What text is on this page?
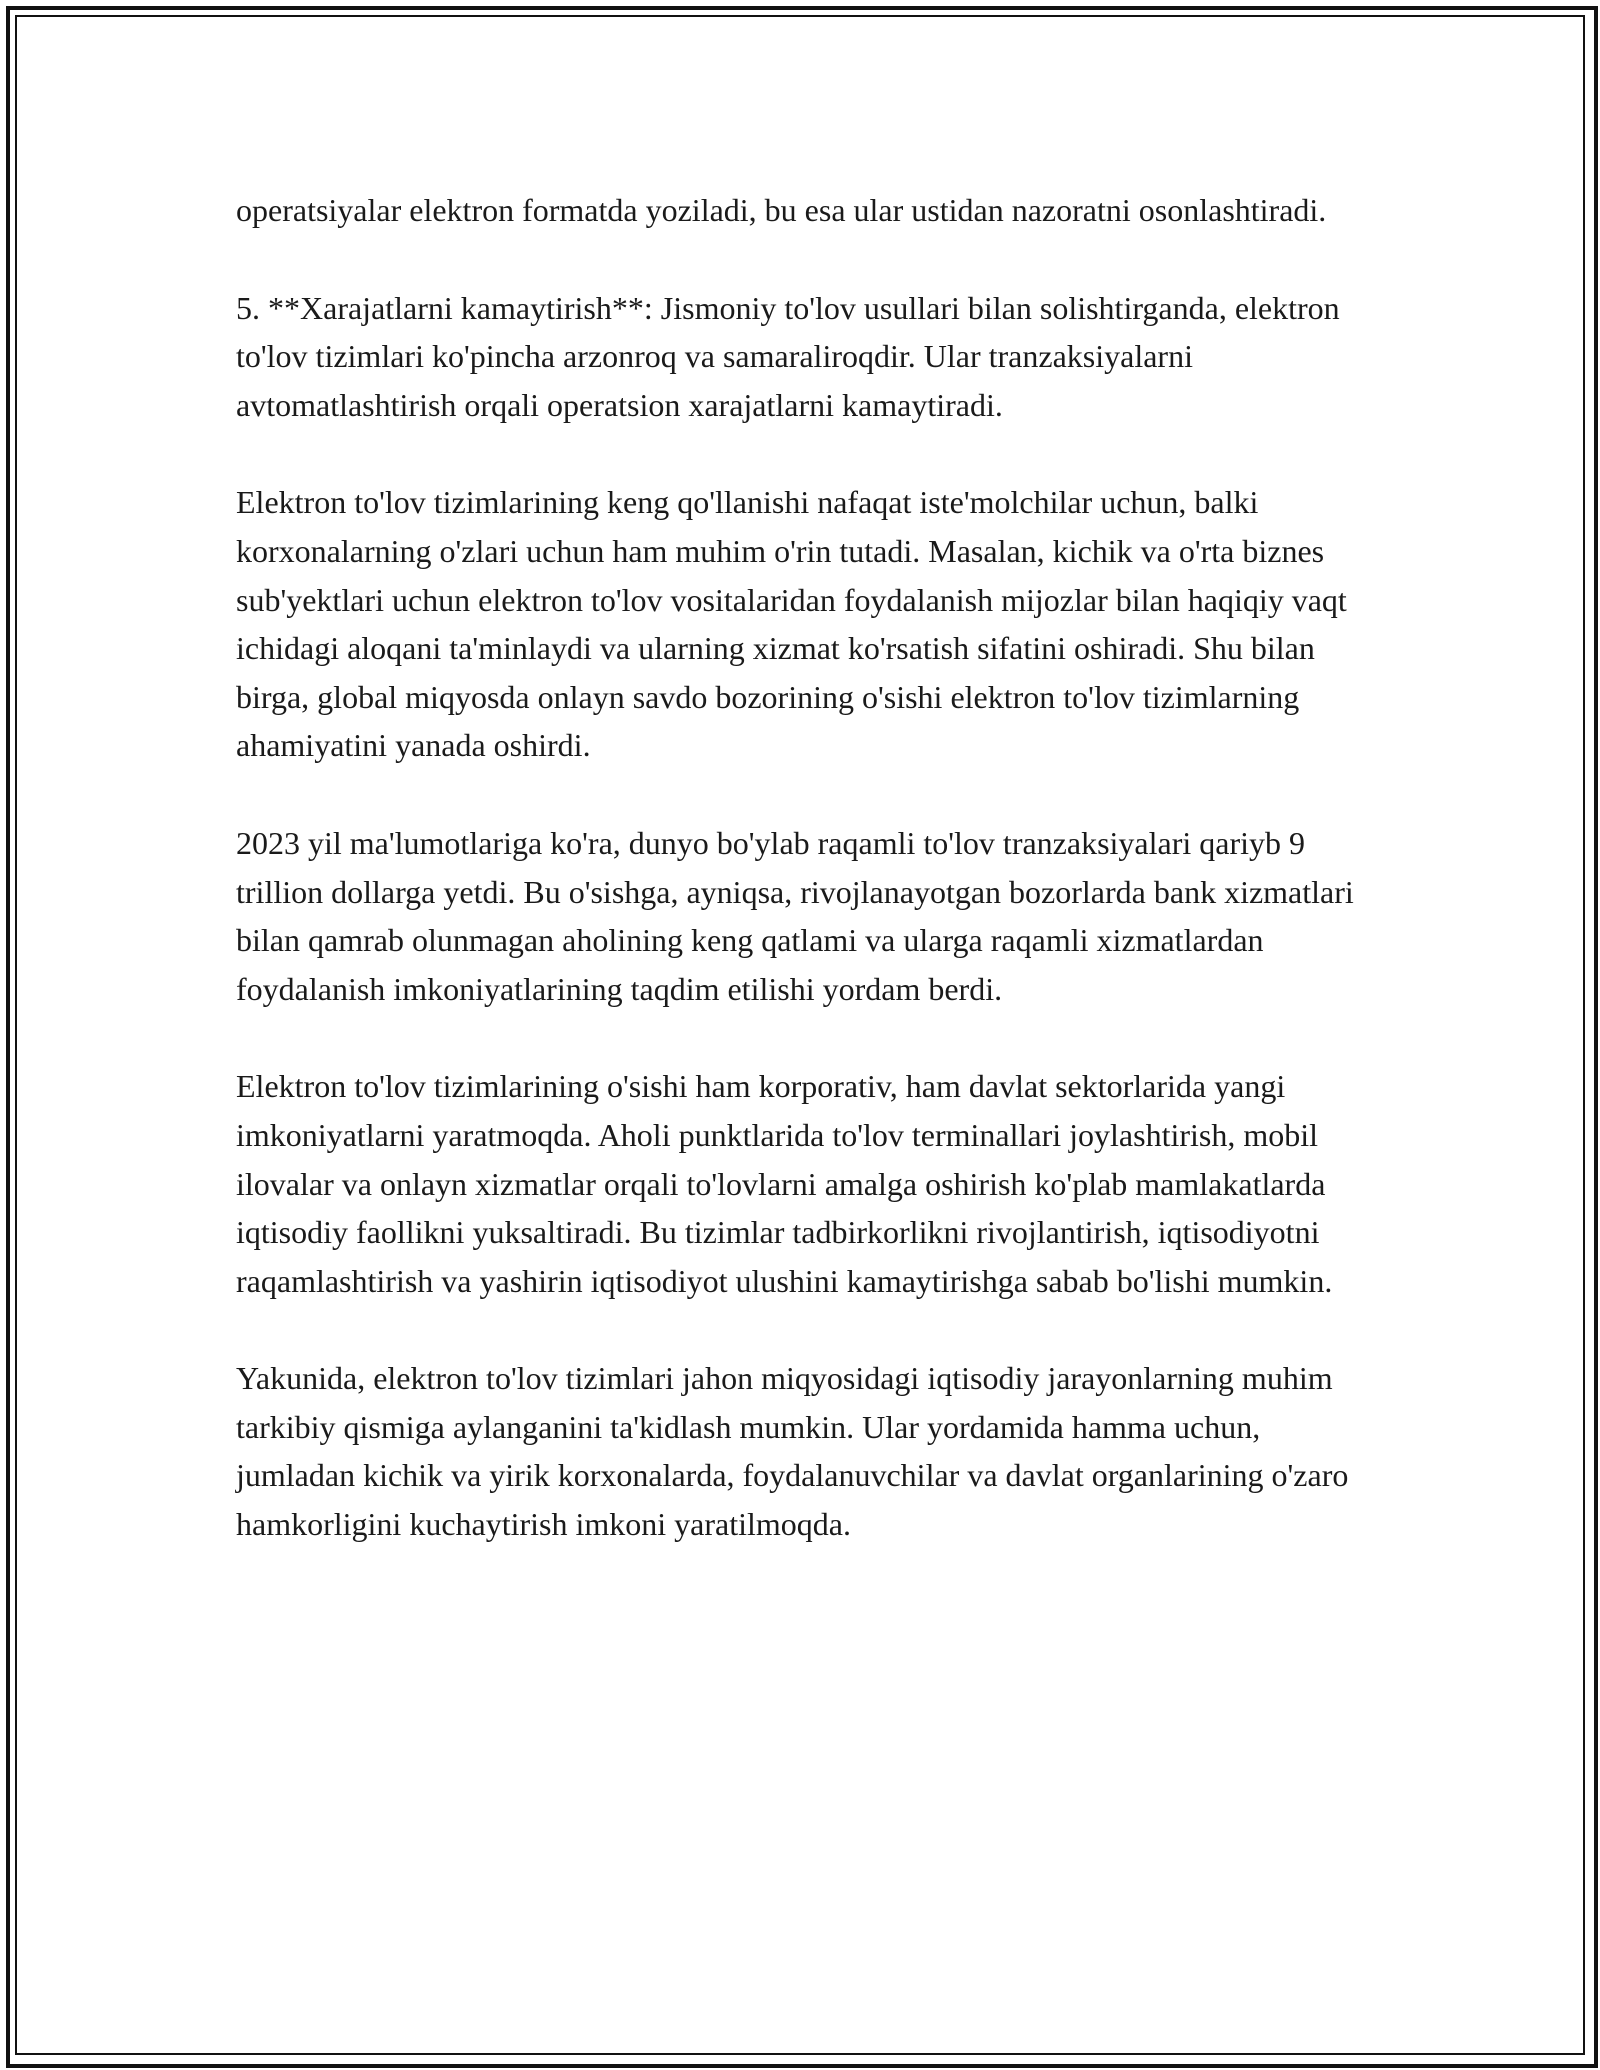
operatsiyalar elektron formatda yoziladi, bu esa ular ustidan nazoratni osonlashtiradi.

5. **Xarajatlarni kamaytirish**: Jismoniy to'lov usullari bilan solishtirganda, elektron to'lov tizimlari ko'pincha arzonroq va samaraliroqdir. Ular tranzaksiyalarni avtomatlashtirish orqali operatsion xarajatlarni kamaytiradi.

Elektron to'lov tizimlarining keng qo'llanishi nafaqat iste'molchilar uchun, balki korxonalarning o'zlari uchun ham muhim o'rin tutadi. Masalan, kichik va o'rta biznes sub'yektlari uchun elektron to'lov vositalaridan foydalanish mijozlar bilan haqiqiy vaqt ichidagi aloqani ta'minlaydi va ularning xizmat ko'rsatish sifatini oshiradi. Shu bilan birga, global miqyosda onlayn savdo bozorining o'sishi elektron to'lov tizimlarning ahamiyatini yanada oshirdi.

2023 yil ma'lumotlariga ko'ra, dunyo bo'ylab raqamli to'lov tranzaksiyalari qariyb 9 trillion dollarga yetdi. Bu o'sishga, ayniqsa, rivojlanayotgan bozorlarda bank xizmatlari bilan qamrab olunmagan aholining keng qatlami va ularga raqamli xizmatlardan foydalanish imkoniyatlarining taqdim etilishi yordam berdi.

Elektron to'lov tizimlarining o'sishi ham korporativ, ham davlat sektorlarida yangi imkoniyatlarni yaratmoqda. Aholi punktlarida to'lov terminallari joylashtirish, mobil ilovalar va onlayn xizmatlar orqali to'lovlarni amalga oshirish ko'plab mamlakatlarda iqtisodiy faollikni yuksaltiradi. Bu tizimlar tadbirkorlikni rivojlantirish, iqtisodiyotni raqamlashtirish va yashirin iqtisodiyot ulushini kamaytirishga sabab bo'lishi mumkin.

Yakunida, elektron to'lov tizimlari jahon miqyosidagi iqtisodiy jarayonlarning muhim tarkibiy qismiga aylanganini ta'kidlash mumkin. Ular yordamida hamma uchun, jumladan kichik va yirik korxonalarda, foydalanuvchilar va davlat organlarining o'zaro hamkorligini kuchaytirish imkoni yaratilmoqda.
